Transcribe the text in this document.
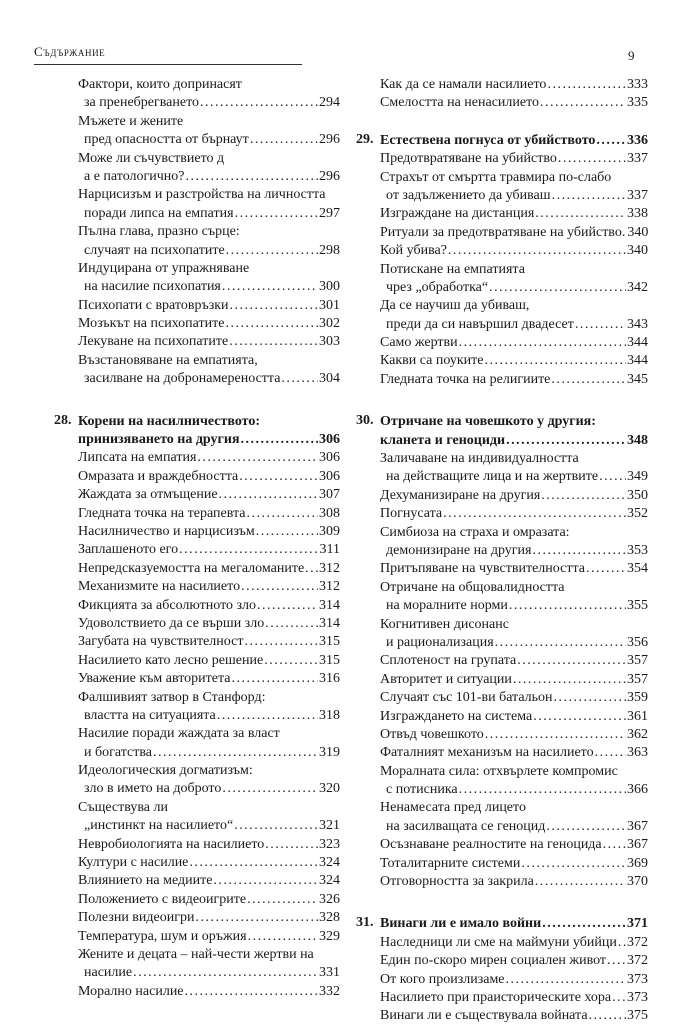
Съдържание	9
Фактори, които допринасят
за пренебрегването . . .	294
Мъжете и жените
пред опасността от бърнаут . . .	296
Може ли съчувствието д
а е патологично? . . .	296
Нарцисизъм и разстройства на личността
поради липса на емпатия . . .	297
Пълна глава, празно сърце:
случаят на психопатите . . .	298
Индуцирана от упражняване
на насилие психопатия . . .	300
Психопати с вратовръзки . . .	301
Мозъкът на психопатите . . .	302
Лекуване на психопатите . . .	303
Възстановяване на емпатията,
засилване на добронамереността . . .	304
28. Корени на насилничеството:
принизяването на другия . . .	306
Липсата на емпатия . . .	306
Омразата и враждебността . . .	306
Жаждата за отмъщение . . .	307
Гледната точка на терапевта . . .	308
Насилничество и нарцисизъм . . .	309
Заплашеното его . . .	311
Непредсказуемостта на мегаломаните . . . 312
Механизмите на насилието . . .	312
Фикцията за абсолютното зло . . .	314
Удоволствието да се върши зло . . .	314
Загубата на чувствителност . . .	315
Насилието като лесно решение . . .	315
Уважение към авторитета . . .	316
Фалшивият затвор в Станфорд:
властта на ситуацията . . .	318
Насилие поради жаждата за власт
и богатства . . .	319
Идеологическия догматизъм:
зло в името на доброто . . .	320
Съществува ли
„инстинкт на насилието“ . . .	321
Невробиологията на насилието . . .	323
Култури с насилие . . .	324
Влиянието на медиите . . .	324
Положението с видеоигрите . . .	326
Полезни видеоигри . . .	328
Температура, шум и оръжия . . .	329
Жените и децата – най-чести жертви на
насилие . . .	331
Морално насилие . . .	332
Как да се намали насилието . . .	333
Смелостта на ненасилието . . .	335
29. Естествена погнуса от убийството . . . 336
Предотвратяване на убийство . . .	337
Страхът от смъртта травмира по-слабо
от задължението да убиваш . . .	337
Изграждане на дистанция . . .	338
Ритуали за предотвратяване на убийство. 340
Кой убива? . . .	340
Потискане на емпатията
чрез „обработка“ . . .	342
Да се научиш да убиваш,
преди да си навършил двадесет . . .	343
Само жертви . . .	344
Какви са поуките . . .	344
Гледната точка на религиите . . .	345
30. Отричане на човешкото у другия:
кланета и геноциди . . .	348
Заличаване на индивидуалността
на действащите лица и на жертвите . . . 349
Дехуманизиране на другия . . .	350
Погнусата . . .	352
Симбиоза на страха и омразата:
демонизиране на другия . . .	353
Притъпяване на чувствителността . . .	354
Отричане на общовалидността
на моралните норми . . .	355
Когнитивен дисонанс
и рационализация . . .	356
Сплотеност на групата . . .	357
Авторитет и ситуации . . .	357
Случаят със 101-ви батальон . . .	359
Изграждането на система . . .	361
Отвъд човешкото . . .	362
Фаталният механизъм на насилието . . . 363
Моралната сила: отхвърлете компромис
с потисника . . .	366
Ненамесата пред лицето
на засилващата се геноцид . . .	367
Осъзнаване реалностите на геноцида . . . 367
Тоталитарните системи . . .	369
Отговорността за закрила . . .	370
31. Винаги ли е имало войни . . .	371
Наследници ли сме на маймуни убийци . . . 372
Един по-скоро мирен социален живот . . . 372
От кого произлизаме . . .	373
Насилието при праисторическите хора . . . 373
Винаги ли е съществувала войната . . .	375
